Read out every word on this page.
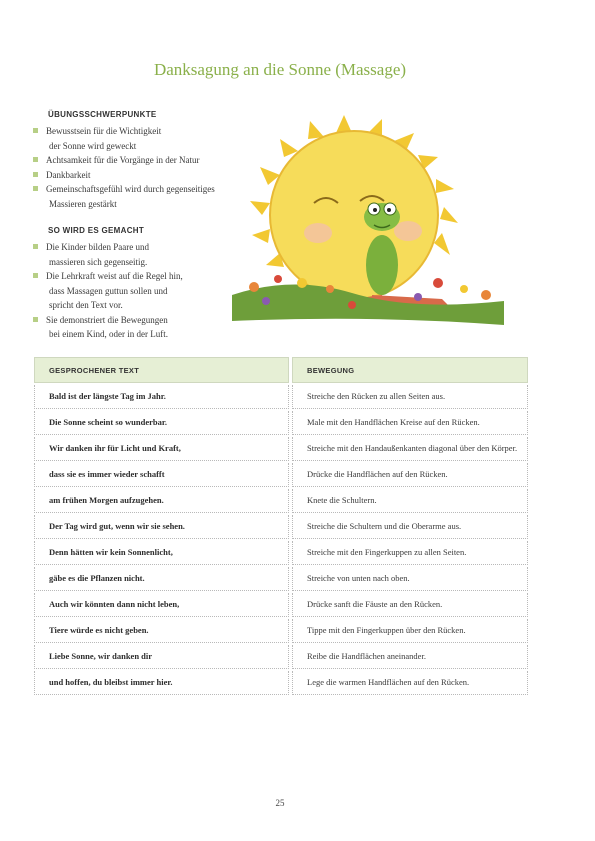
Danksagung an die Sonne (Massage)
ÜBUNGSSCHWERPUNKTE
Bewusstsein für die Wichtigkeit
der Sonne wird geweckt
Achtsamkeit für die Vorgänge in der Natur
Dankbarkeit
Gemeinschaftsgefühl wird durch gegenseitiges
Massieren gestärkt
SO WIRD ES GEMACHT
Die Kinder bilden Paare und
massieren sich gegenseitig.
Die Lehrkraft weist auf die Regel hin,
dass Massagen guttun sollen und
spricht den Text vor.
Sie demonstriert die Bewegungen
bei einem Kind, oder in der Luft.
GESPROCHENER TEXT		BEWEGUNG

Bald ist der längste Tag im Jahr.		Streiche den Rücken zu allen Seiten aus.

Die Sonne scheint so wunderbar.		Male mit den Handflächen Kreise auf den Rücken.

Wir danken ihr für Licht und Kraft,		Streiche mit den Handaußenkanten diagonal über den Körper.

dass sie es immer wieder schafft		Drücke die Handflächen auf den Rücken.

am frühen Morgen aufzugehen.		Knete die Schultern.

Der Tag wird gut, wenn wir sie sehen.		Streiche die Schultern und die Oberarme aus.

Denn hätten wir kein Sonnenlicht,		Streiche mit den Fingerkuppen zu allen Seiten.

gäbe es die Pflanzen nicht.		Streiche von unten nach oben.

Auch wir könnten dann nicht leben,		Drücke sanft die Fäuste an den Rücken.

Tiere würde es nicht geben.		Tippe mit den Fingerkuppen über den Rücken.

Liebe Sonne, wir danken dir		Reibe die Handflächen aneinander.

und hoffen, du bleibst immer hier.		Lege die warmen Handflächen auf den Rücken.
25
